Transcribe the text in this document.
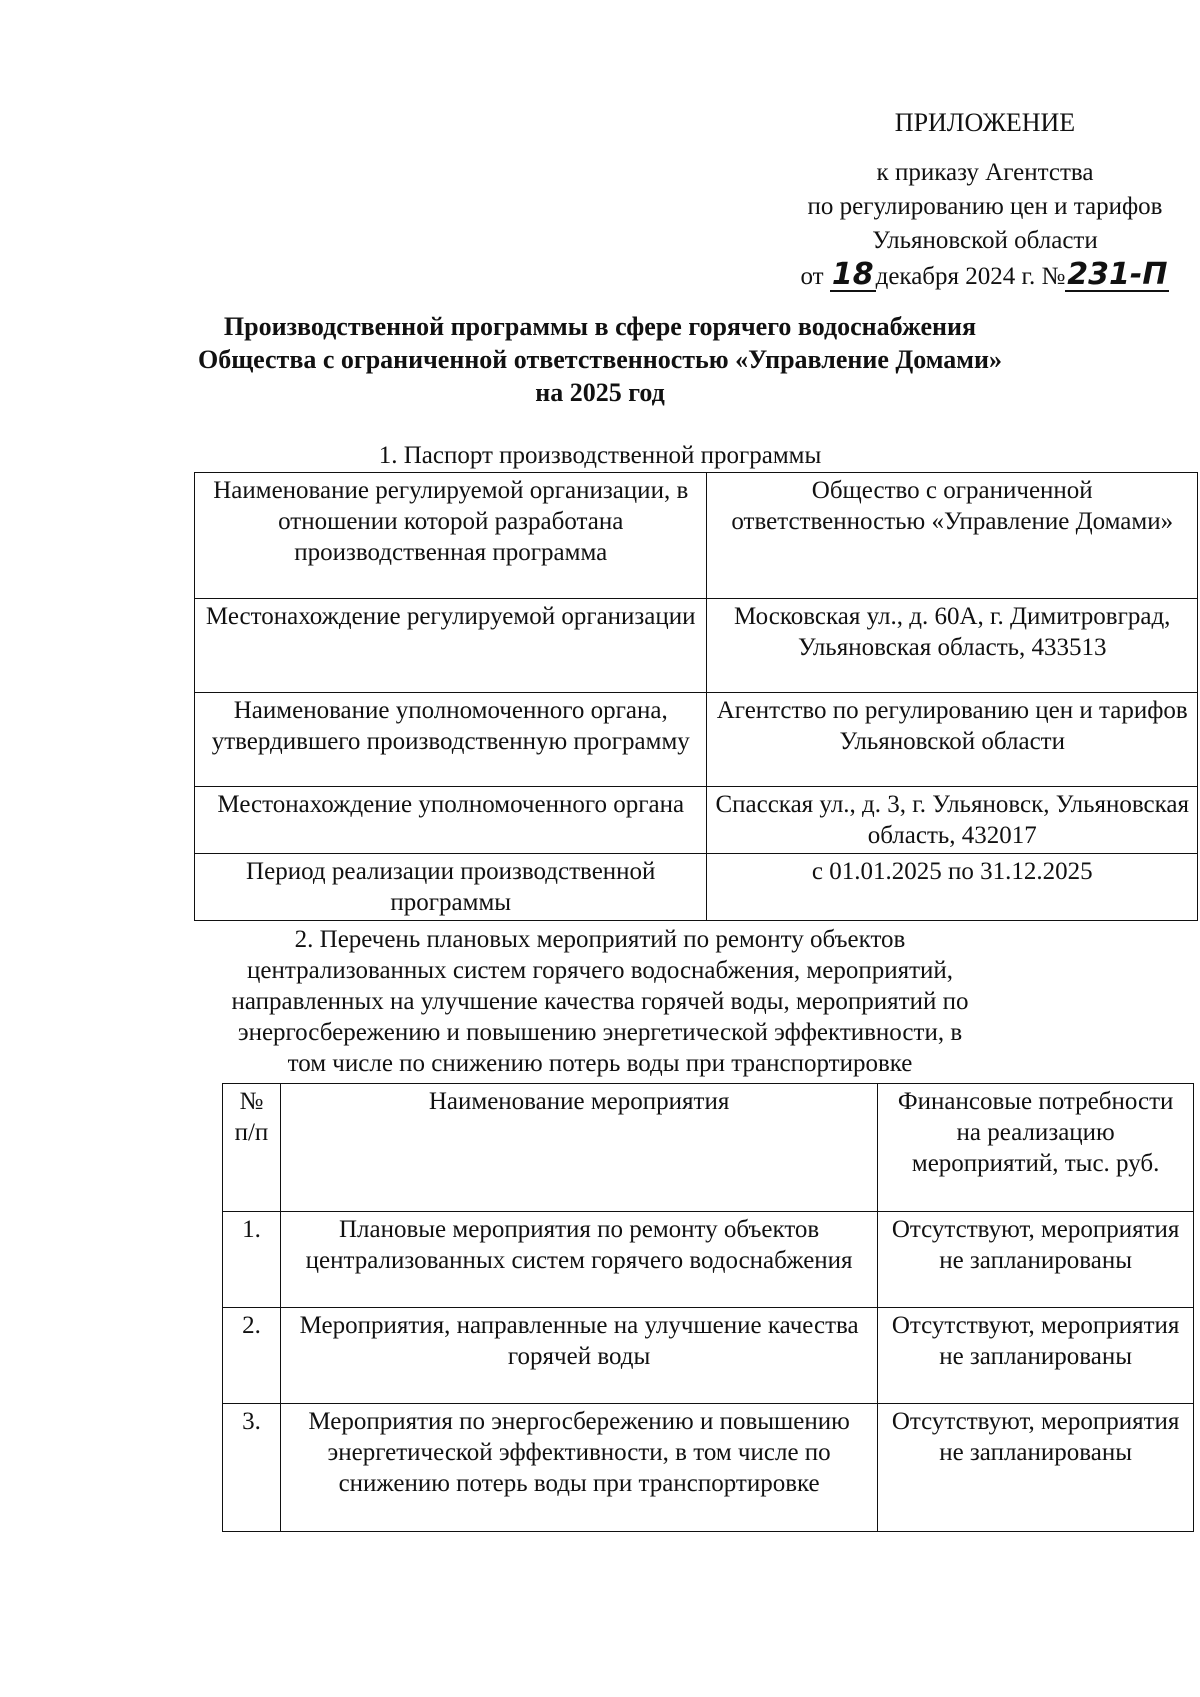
ПРИЛОЖЕНИЕ
к приказу Агентства
по регулированию цен и тарифов
Ульяновской области
от 18декабря 2024 г. №231-П
Производственной программы в сфере горячего водоснабжения
Общества с ограниченной ответственностью «Управление Домами»
на 2025 год
1. Паспорт производственной программы
Наименование регулируемой организации, в отношении которой разработана производственная программа	Общество с ограниченной ответственностью «Управление Домами»
Местонахождение регулируемой организации	Московская ул., д. 60А, г. Димитровград, Ульяновская область, 433513
Наименование уполномоченного органа, утвердившего производственную программу	Агентство по регулированию цен и тарифов Ульяновской области
Местонахождение уполномоченного органа	Спасская ул., д. 3, г. Ульяновск, Ульяновская область, 432017
Период реализации производственной программы	с 01.01.2025 по 31.12.2025
2. Перечень плановых мероприятий по ремонту объектов централизованных систем горячего водоснабжения, мероприятий, направленных на улучшение качества горячей воды, мероприятий по энергосбережению и повышению энергетической эффективности, в том числе по снижению потерь воды при транспортировке
№ п/п	Наименование мероприятия	Финансовые потребности на реализацию мероприятий, тыс. руб.
1.	Плановые мероприятия по ремонту объектов централизованных систем горячего водоснабжения	Отсутствуют, мероприятия не запланированы
2.	Мероприятия, направленные на улучшение качества горячей воды	Отсутствуют, мероприятия не запланированы
3.	Мероприятия по энергосбережению и повышению энергетической эффективности, в том числе по снижению потерь воды при транспортировке	Отсутствуют, мероприятия не запланированы
